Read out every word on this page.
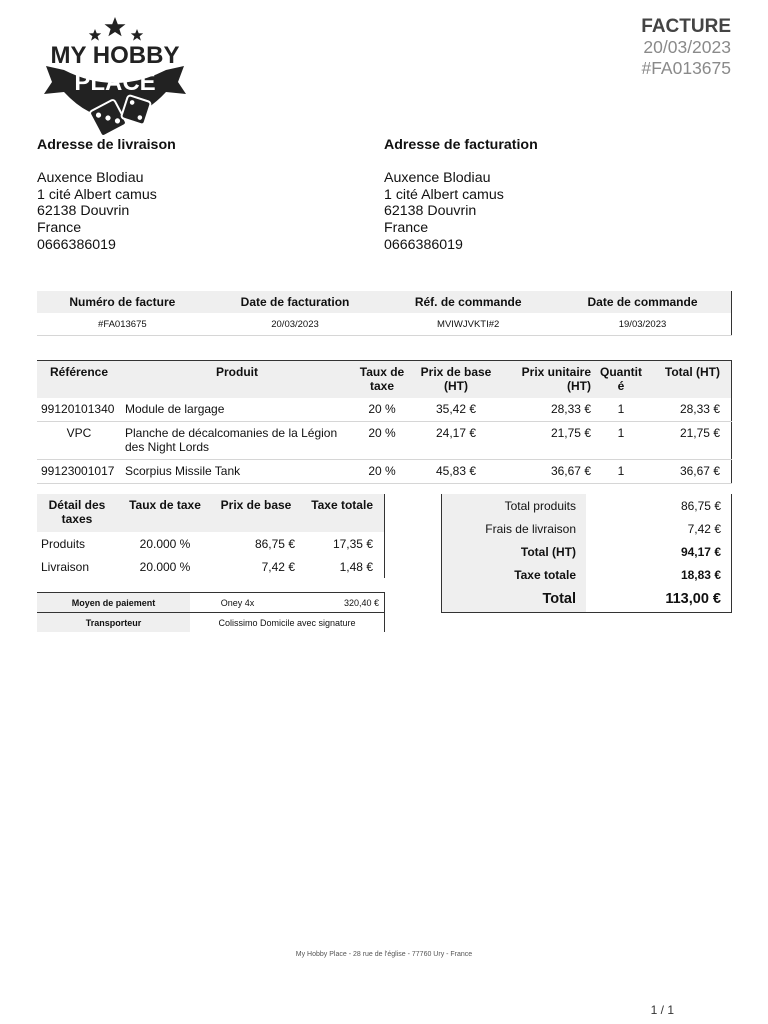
MY HOBBY
PLACE
FACTURE
20/03/2023
#FA013675
Adresse de livraison
Auxence Blodiau
1 cité Albert camus
62138 Douvrin
France
0666386019
Adresse de facturation
Auxence Blodiau
1 cité Albert camus
62138 Douvrin
France
0666386019
Numéro de facture	Date de facturation	Réf. de commande	Date de commande
#FA013675	20/03/2023	MVIWJVKTI#2	19/03/2023
Référence	Produit	Taux de taxe	Prix de base (HT)	Prix unitaire (HT)	Quantité	Total (HT)
99120101340	Module de largage	20 %	35,42 €	28,33 €	1	28,33 €
VPC	Planche de décalcomanies de la Légion des Night Lords	20 %	24,17 €	21,75 €	1	21,75 €
99123001017	Scorpius Missile Tank	20 %	45,83 €	36,67 €	1	36,67 €
Détail des taxes	Taux de taxe	Prix de base	Taxe totale
Produits	20.000 %	86,75 €	17,35 €
Livraison	20.000 %	7,42 €	1,48 €
Moyen de paiement	Oney 4x	320,40 €
Transporteur	Colissimo Domicile avec signature	
Total produits	86,75 €
Frais de livraison	7,42 €
Total (HT)	94,17 €
Taxe totale	18,83 €
Total	113,00 €
My Hobby Place - 28 rue de l'église - 77760 Ury - France
1 / 1
